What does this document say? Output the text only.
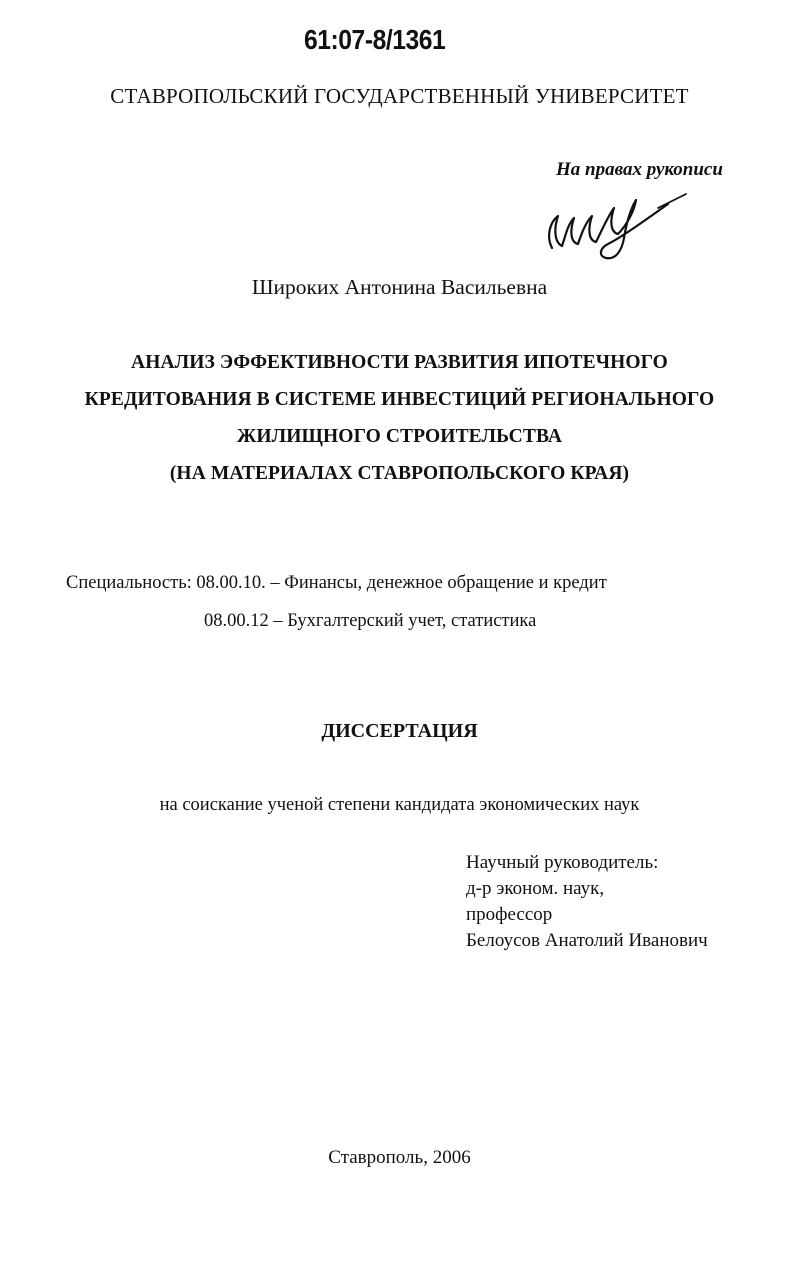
61:07-8/1361
СТАВРОПОЛЬСКИЙ ГОСУДАРСТВЕННЫЙ УНИВЕРСИТЕТ
На правах рукописи
Широких Антонина Васильевна
АНАЛИЗ ЭФФЕКТИВНОСТИ РАЗВИТИЯ ИПОТЕЧНОГО
КРЕДИТОВАНИЯ В СИСТЕМЕ ИНВЕСТИЦИЙ РЕГИОНАЛЬНОГО
ЖИЛИЩНОГО СТРОИТЕЛЬСТВА
(НА МАТЕРИАЛАХ СТАВРОПОЛЬСКОГО КРАЯ)
Специальность: 08.00.10. – Финансы, денежное обращение и кредит
08.00.12 – Бухгалтерский учет, статистика
ДИССЕРТАЦИЯ
на соискание ученой степени кандидата экономических наук
Научный руководитель:
д-р эконом. наук,
профессор
Белоусов Анатолий Иванович
Ставрополь, 2006
